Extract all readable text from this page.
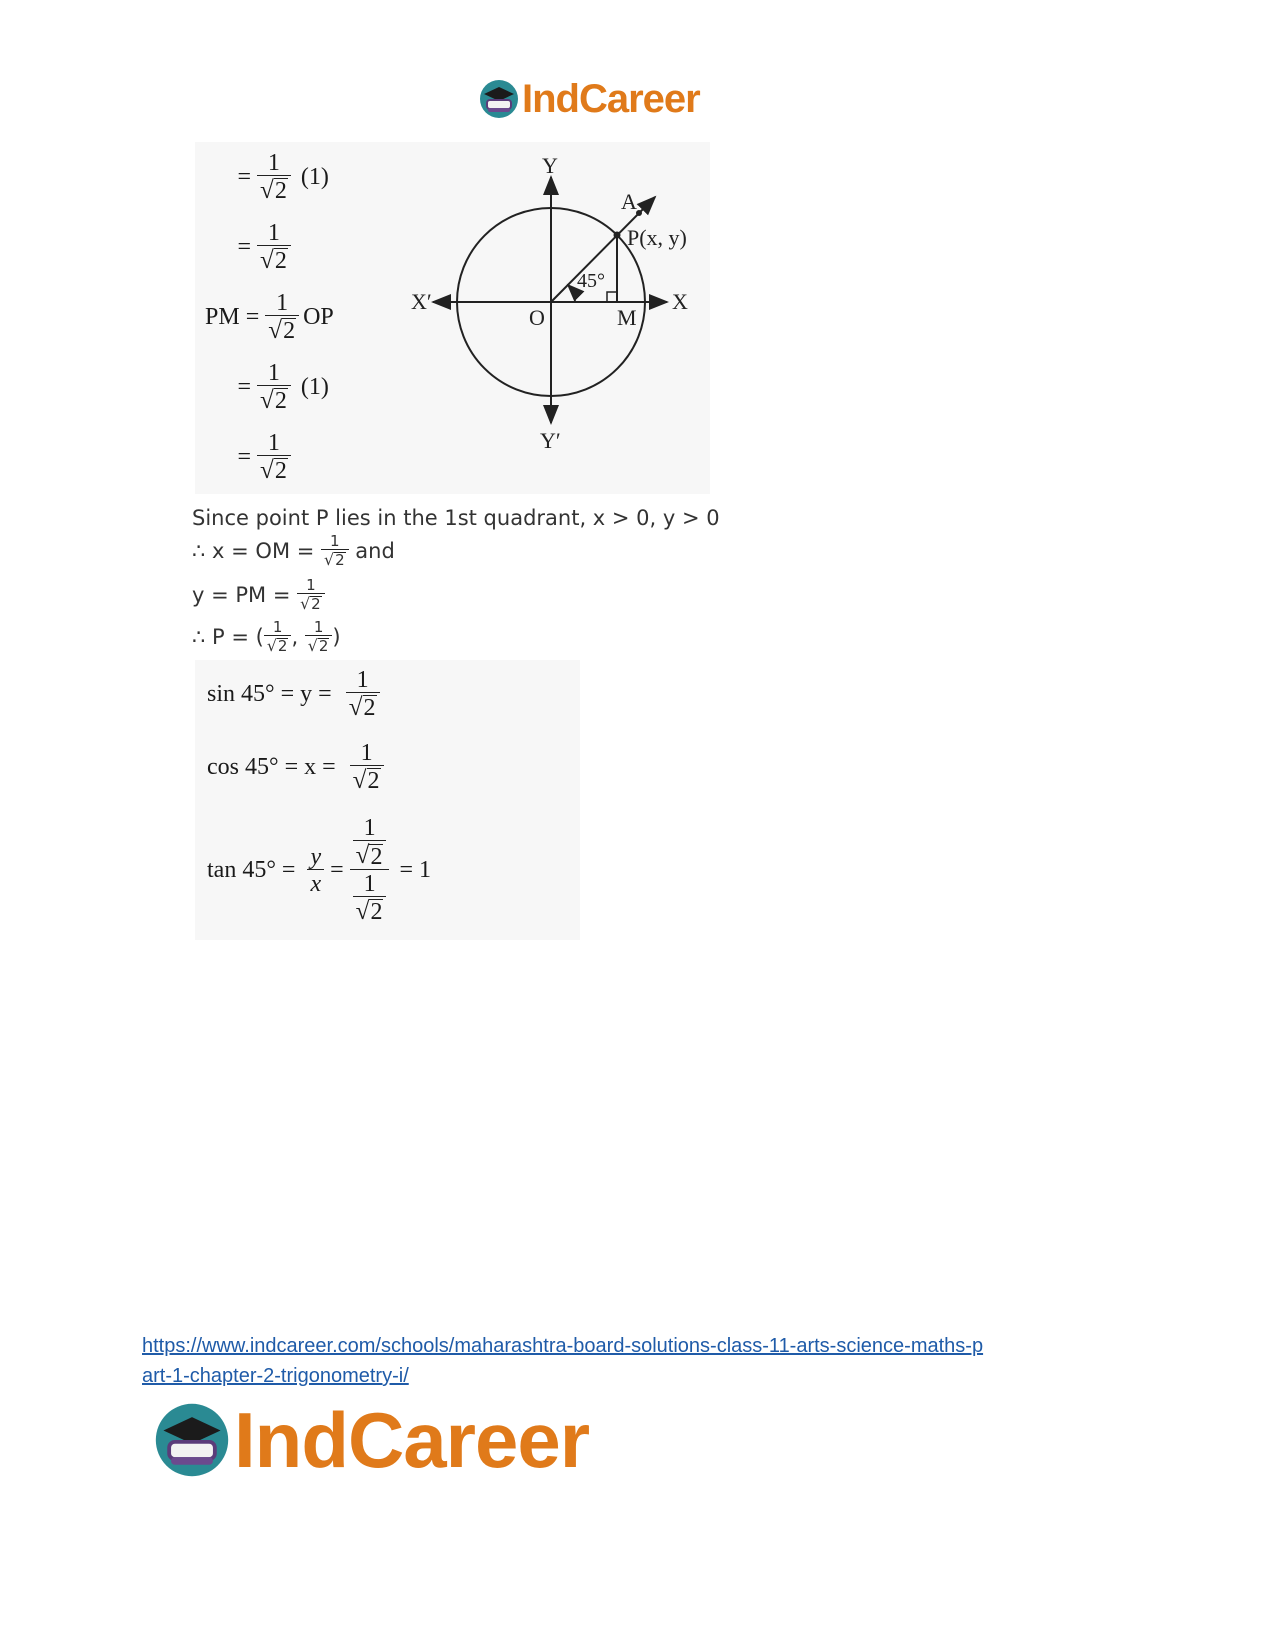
IndCareer
= $\frac{1}{√ 2} (1)$
= $\frac{1}{√ 2}$
PM = $\frac{1}{√ 2}$ OP
= $\frac{1}{√ 2} (1)$
= $\frac{1}{√ 2}$
Y
Y′
X
X′
O	M
A
P(x, y)
45°
Since point P lies in the 1st quadrant, x > 0, y > 0
∴ x = OM = $\frac{1}{√ 2}$ and
y = PM = $\frac{1}{√ 2}$
∴ P = ( $\frac{1}{√ 2}$ , $\frac{1}{√ 2}$ )
$\sin 45^\circ = y = \frac{1}{√ 2}$
$\cos 45^\circ = x = \frac{1}{√ 2}$
$\tan 45^\circ = \frac{y}{x} = \frac{\frac{1}{√ 2}}{\frac{1}{√ 2}} = 1$
https://www.indcareer.com/schools/maharashtra-board-solutions-class-11-arts-science-maths-p
art-1-chapter-2-trigonometry-i/
IndCareer
